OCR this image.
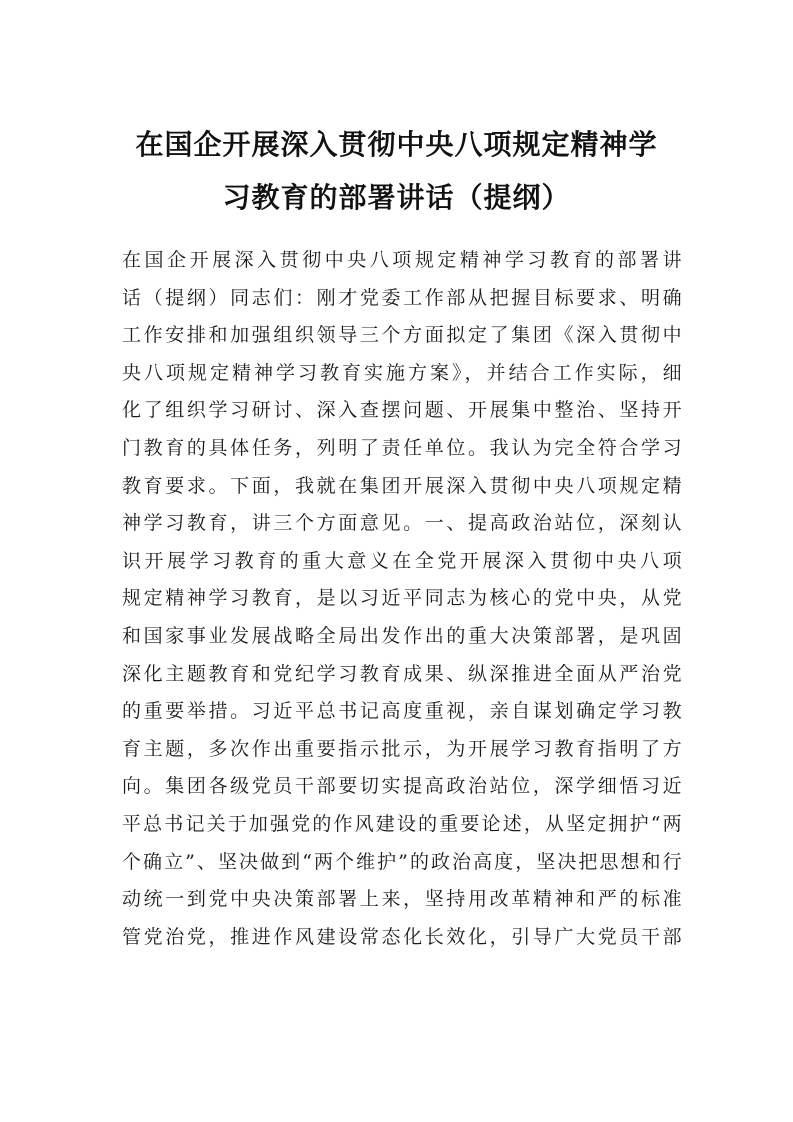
在国企开展深入贯彻中央八项规定精神学
习教育的部署讲话（提纲）
在国企开展深入贯彻中央八项规定精神学习教育的部署讲
话（提纲）同志们：刚才党委工作部从把握目标要求、明确
工作安排和加强组织领导三个方面拟定了集团《深入贯彻中
央八项规定精神学习教育实施方案》，并结合工作实际，细
化了组织学习研讨、深入查摆问题、开展集中整治、坚持开
门教育的具体任务，列明了责任单位。我认为完全符合学习
教育要求。下面，我就在集团开展深入贯彻中央八项规定精
神学习教育，讲三个方面意见。一、提高政治站位，深刻认
识开展学习教育的重大意义在全党开展深入贯彻中央八项
规定精神学习教育，是以习近平同志为核心的党中央，从党
和国家事业发展战略全局出发作出的重大决策部署，是巩固
深化主题教育和党纪学习教育成果、纵深推进全面从严治党
的重要举措。习近平总书记高度重视，亲自谋划确定学习教
育主题，多次作出重要指示批示，为开展学习教育指明了方
向。集团各级党员干部要切实提高政治站位，深学细悟习近
平总书记关于加强党的作风建设的重要论述，从坚定拥护“两
个确立”、坚决做到“两个维护”的政治高度，坚决把思想和行
动统一到党中央决策部署上来，坚持用改革精神和严的标准
管党治党，推进作风建设常态化长效化，引导广大党员干部
